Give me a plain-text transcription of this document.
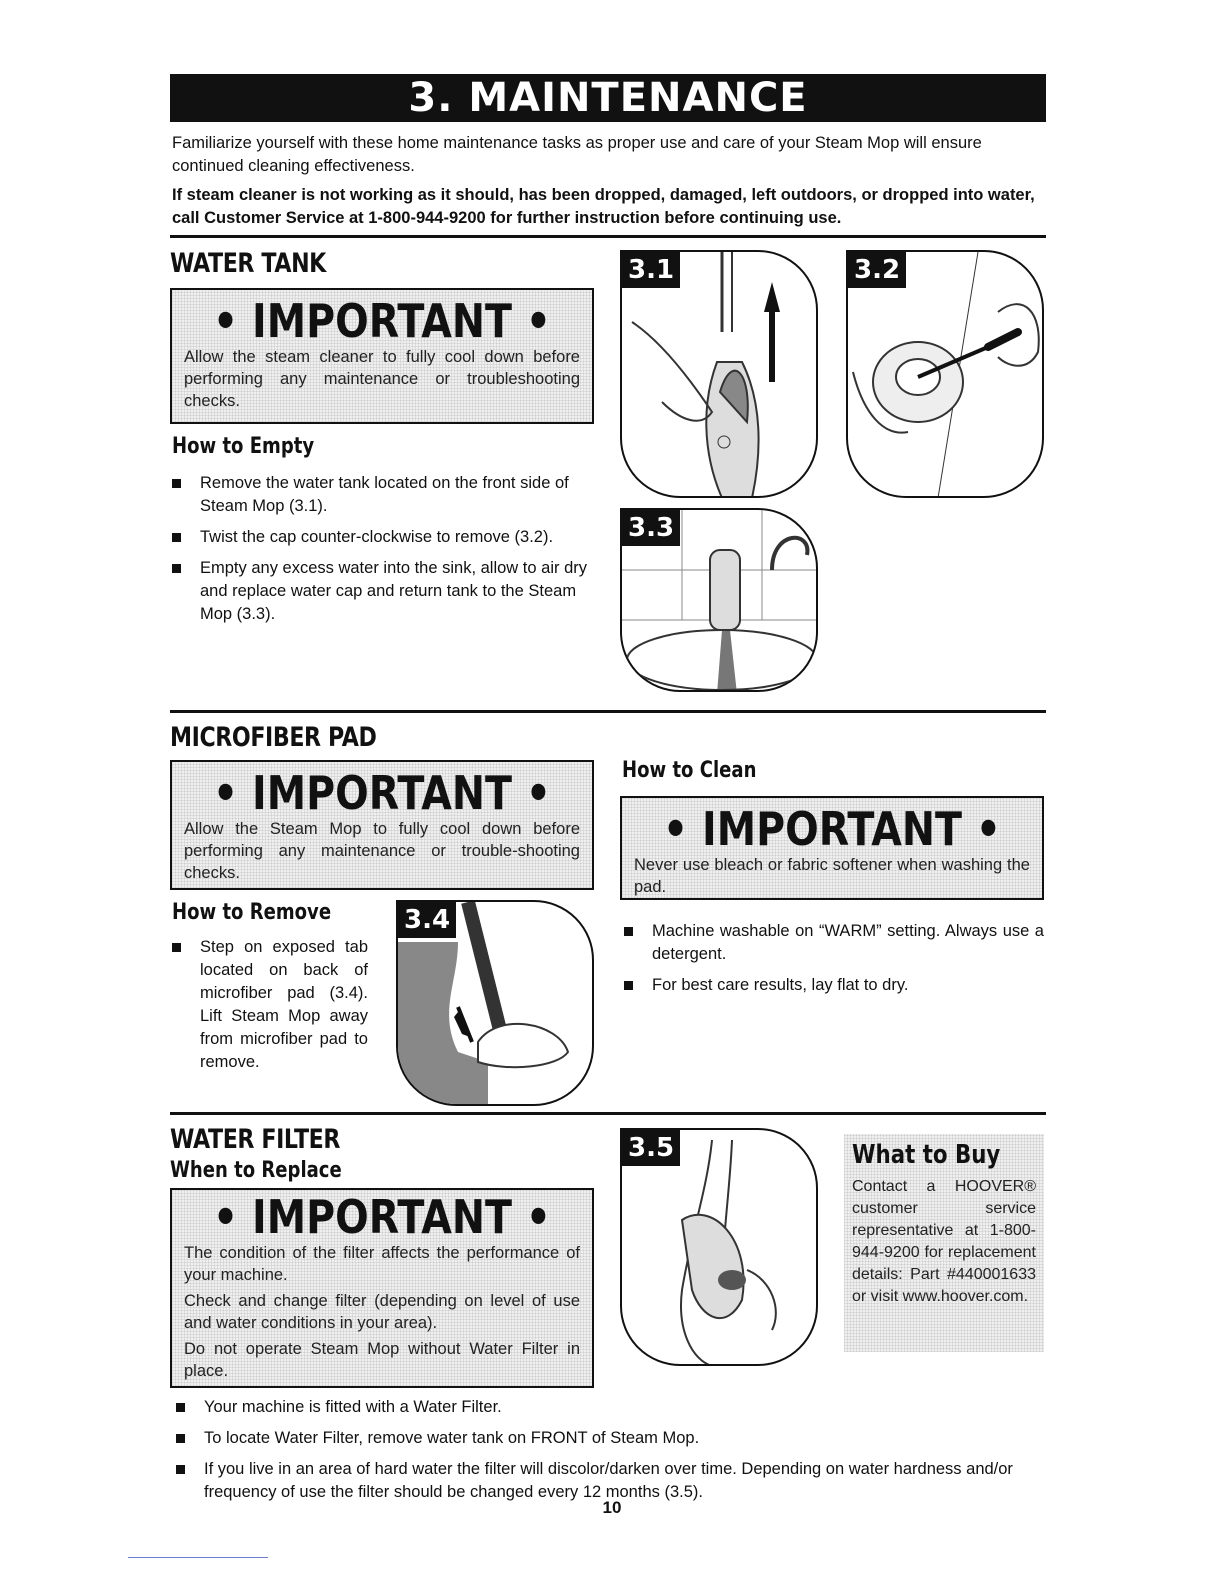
3. MAINTENANCE
Familiarize yourself with these home maintenance tasks as proper use and care of your Steam Mop will ensure continued cleaning effectiveness.
If steam cleaner is not working as it should, has been dropped, damaged, left outdoors, or dropped into water, call Customer Service at 1-800-944-9200 for further instruction before continuing use.
WATER TANK
• IMPORTANT •
Allow the steam cleaner to fully cool down before performing any maintenance or troubleshooting checks.
How to Empty
Remove the water tank located on the front side of Steam Mop (3.1).
Twist the cap counter-clockwise to remove (3.2).
Empty any excess water into the sink, allow to air dry and replace water cap and return tank to the Steam Mop (3.3).
3.1	3.2
3.3
MICROFIBER PAD
• IMPORTANT •
Allow the Steam Mop to fully cool down before performing any maintenance or trouble-shooting checks.
How to Remove
Step on exposed tab located on back of microfiber pad (3.4). Lift Steam Mop away from microfiber pad to remove.
3.4
How to Clean
• IMPORTANT •
Never use bleach or fabric softener when washing the pad.
Machine washable on “WARM” setting. Always use a detergent.
For best care results, lay flat to dry.
WATER FILTER
When to Replace
• IMPORTANT •
The condition of the filter affects the performance of your machine.
Check and change filter (depending on level of use and water conditions in your area).
Do not operate Steam Mop without Water Filter in place.
3.5	What to Buy
Contact a HOOVER® customer service representative at 1-800-944-9200 for replacement details: Part #440001633 or visit www.hoover.com.
Your machine is fitted with a Water Filter.
To locate Water Filter, remove water tank on FRONT of Steam Mop.
If you live in an area of hard water the filter will discolor/darken over time. Depending on water hardness and/or frequency of use the filter should be changed every 12 months (3.5).
10
